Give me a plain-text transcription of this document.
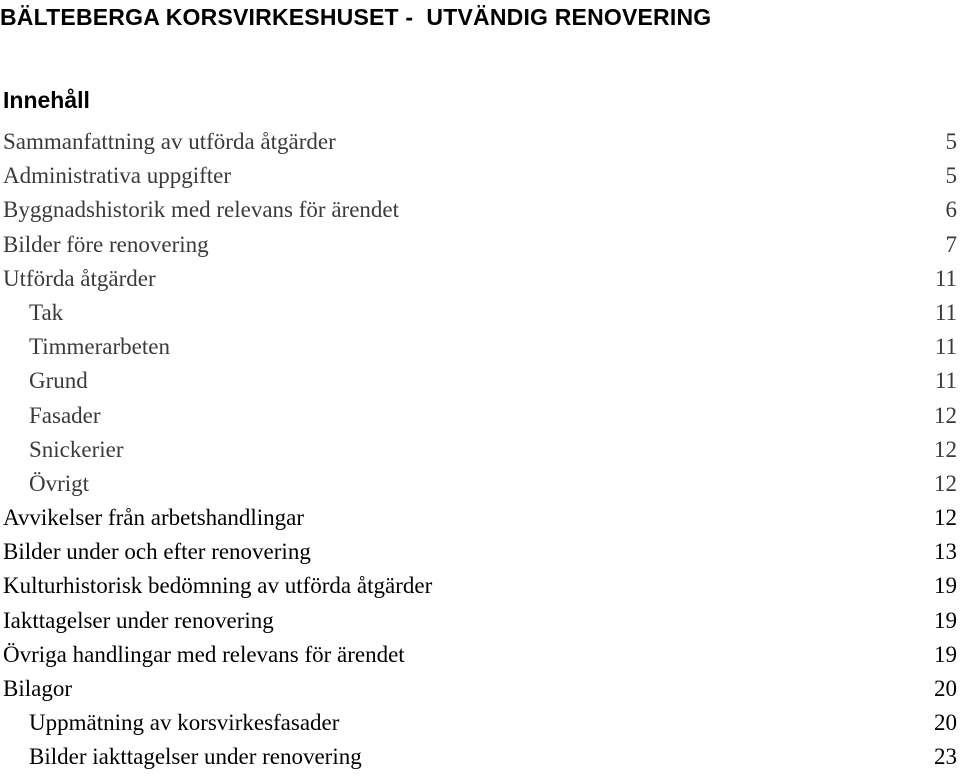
BÄLTEBERGA KORSVIRKESHUSET -  UTVÄNDIG RENOVERING
Innehåll
Sammanfattning av utförda åtgärder	5
Administrativa uppgifter	5
Byggnadshistorik med relevans för ärendet	6
Bilder före renovering	7
Utförda åtgärder	11
Tak	11
Timmerarbeten	11
Grund	11
Fasader	12
Snickerier	12
Övrigt	12
Avvikelser från arbetshandlingar	12
Bilder under och efter renovering	13
Kulturhistorisk bedömning av utförda åtgärder	19
Iakttagelser under renovering	19
Övriga handlingar med relevans för ärendet	19
Bilagor	20
Uppmätning av korsvirkesfasader	20
Bilder iakttagelser under renovering	23
